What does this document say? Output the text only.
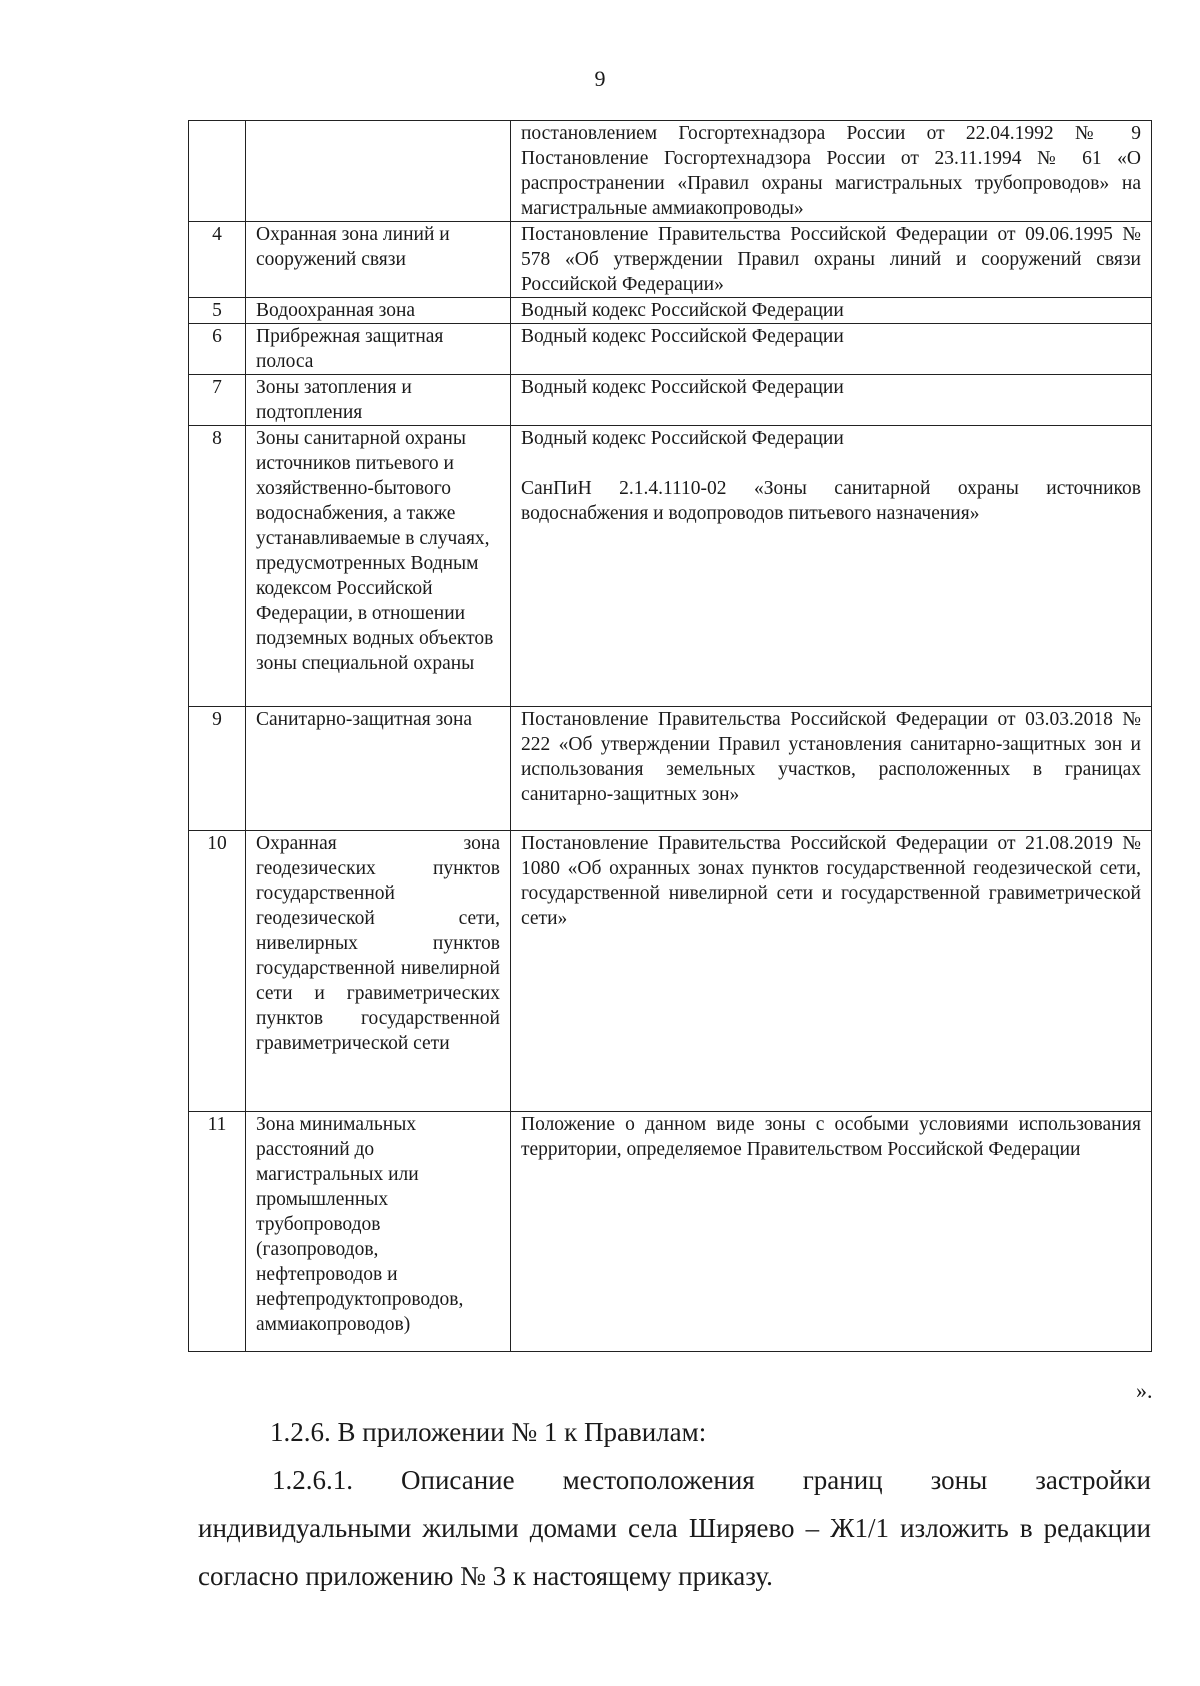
9
		постановлением Госгортехнадзора России от 22.04.1992 № 9 Постановление Госгортехнадзора России от 23.11.1994 № 61 «О распространении «Правил охраны магистральных трубопроводов» на магистральные аммиакопроводы»
4	Охранная зона линий и сооружений связи	Постановление Правительства Российской Федерации от 09.06.1995 № 578 «Об утверждении Правил охраны линий и сооружений связи Российской Федерации»
5	Водоохранная зона	Водный кодекс Российской Федерации
6	Прибрежная защитная полоса	Водный кодекс Российской Федерации
7	Зоны затопления и подтопления	Водный кодекс Российской Федерации
8	Зоны санитарной охраны источников питьевого и хозяйственно-бытового водоснабжения, а также устанавливаемые в случаях, предусмотренных Водным кодексом Российской Федерации, в отношении подземных водных объектов зоны специальной охраны	Водный кодекс Российской Федерации
СанПиН 2.1.4.1110-02 «Зоны санитарной охраны источников водоснабжения и водопроводов питьевого назначения»

9	Санитарно-защитная зона	Постановление Правительства Российской Федерации от 03.03.2018 № 222 «Об утверждении Правил установления санитарно-защитных зон и использования земельных участков, расположенных в границах санитарно-защитных зон»
10	Охранная зона геодезических пунктов государственной геодезической сети, нивелирных пунктов государственной нивелирной сети и гравиметрических пунктов государственной гравиметрической сети	Постановление Правительства Российской Федерации от 21.08.2019 № 1080 «Об охранных зонах пунктов государственной геодезической сети, государственной нивелирной сети и государственной гравиметрической сети»
11	Зона минимальных расстояний до магистральных или промышленных трубопроводов (газопроводов, нефтепроводов и нефтепродуктопроводов, аммиакопроводов)	Положение о данном виде зоны с особыми условиями использования территории, определяемое Правительством Российской Федерации
».
1.2.6. В приложении № 1 к Правилам:
1.2.6.1. Описание местоположения границ зоны застройки индивидуальными жилыми домами села Ширяево – Ж1/1 изложить в редакции согласно приложению № 3 к настоящему приказу.
